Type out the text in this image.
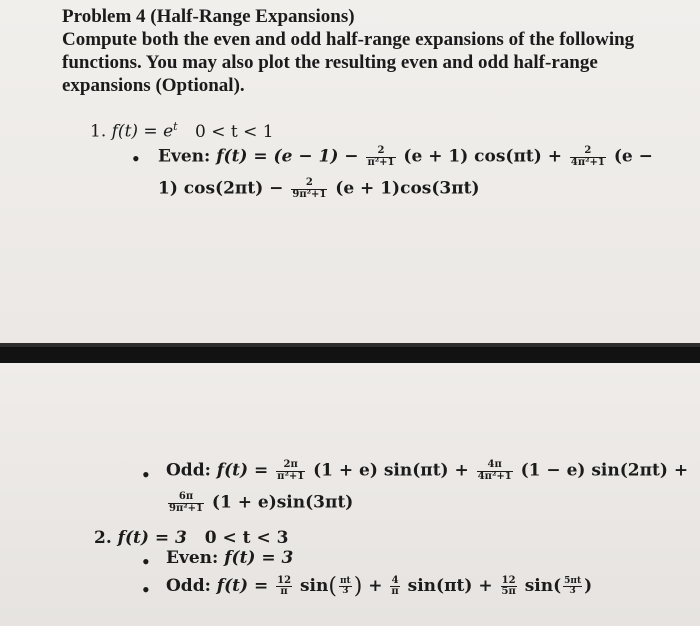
Problem 4 (Half-Range Expansions)
Compute both the even and odd half-range expansions of the following
functions. You may also plot the resulting even and odd half-range
expansions (Optional).
1. $f(t) = e^t$ 0 < t < 1
• Even: $f(t) = (e - 1) - \frac{2}{\text{π²+1}} (e + 1) \cos(\pi t) + \frac{2}{\text{4π²+1}} (e$ −
1) $\cos(2\pi t) - \frac{2}{\text{9π²+1}} (e + 1)\cos(3\pi t)$
• Odd: $f(t) = \frac{2\pi}{\text{π²+1}} (1 + e) \sin(\pi t) + \frac{4\pi}{\text{4π²+1}} (1 - e) \sin(2\pi t)$ +
$\frac{6\pi}{\text{9π²+1}} (1 + e)\sin(3\pi t)$
2. f(t) = 3 0 < t < 3
• Even: f(t) = 3
• Odd: $f(t) = \frac{12}{\pi} \sin( \frac{\pi t}{3}$ ) + $\frac{4}{\pi} \sin(\pi t) + \frac{12}{5\pi} \sin( \frac{5\pi t}{3}$ )
